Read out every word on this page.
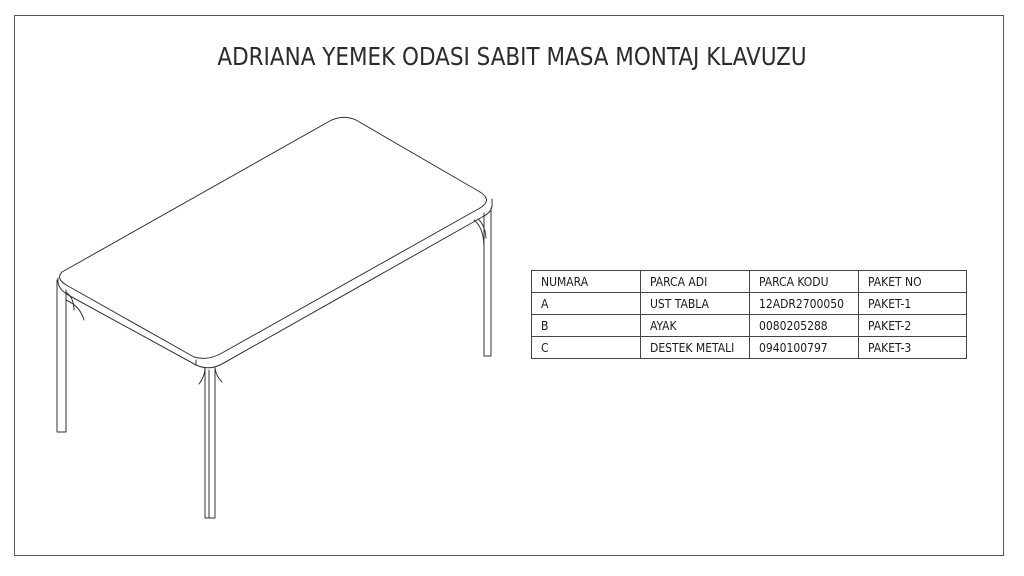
ADRIANA YEMEK ODASI SABIT MASA MONTAJ KLAVUZU
NUMARA	PARCA ADI	PARCA KODU	PAKET NO
A	UST TABLA	12ADR2700050	PAKET-1
B	AYAK	0080205288	PAKET-2
C	DESTEK METALI	0940100797	PAKET-3
